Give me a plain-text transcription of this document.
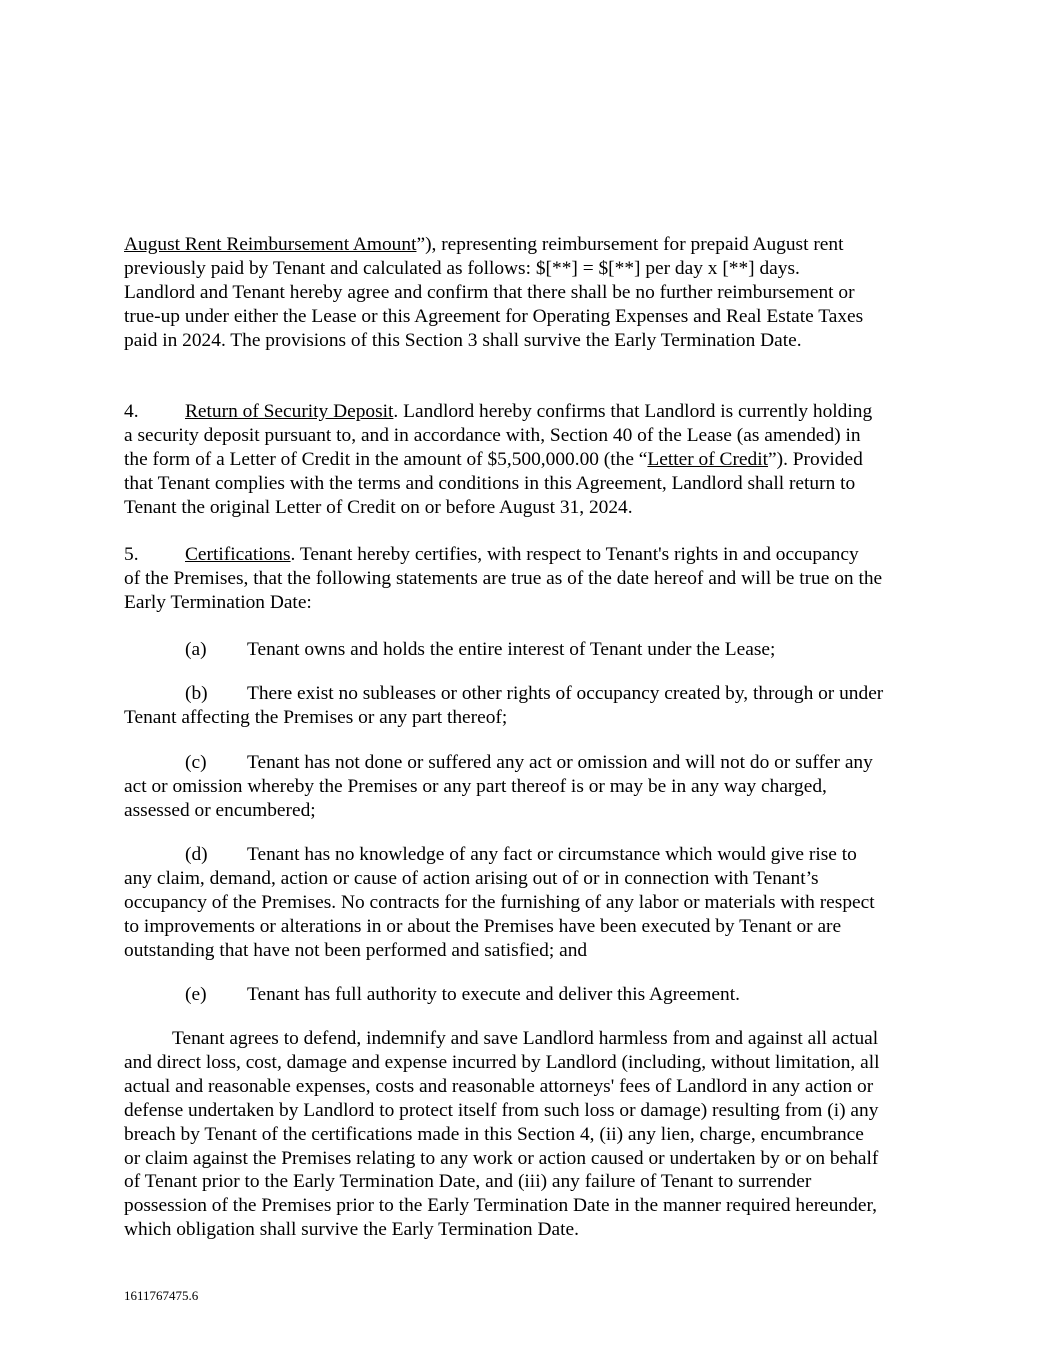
August Rent Reimbursement Amount”), representing reimbursement for prepaid August rent
previously paid by Tenant and calculated as follows: $[**] = $[**] per day x [**] days.
Landlord and Tenant hereby agree and confirm that there shall be no further reimbursement or
true-up under either the Lease or this Agreement for Operating Expenses and Real Estate Taxes
paid in 2024. The provisions of this Section 3 shall survive the Early Termination Date.
4. Return of Security Deposit. Landlord hereby confirms that Landlord is currently holding
a security deposit pursuant to, and in accordance with, Section 40 of the Lease (as amended) in
the form of a Letter of Credit in the amount of $5,500,000.00 (the “Letter of Credit”). Provided
that Tenant complies with the terms and conditions in this Agreement, Landlord shall return to
Tenant the original Letter of Credit on or before August 31, 2024.
5. Certifications. Tenant hereby certifies, with respect to Tenant's rights in and occupancy
of the Premises, that the following statements are true as of the date hereof and will be true on the
Early Termination Date:
(a) Tenant owns and holds the entire interest of Tenant under the Lease;
(b) There exist no subleases or other rights of occupancy created by, through or under
Tenant affecting the Premises or any part thereof;
(c) Tenant has not done or suffered any act or omission and will not do or suffer any
act or omission whereby the Premises or any part thereof is or may be in any way charged,
assessed or encumbered;
(d) Tenant has no knowledge of any fact or circumstance which would give rise to
any claim, demand, action or cause of action arising out of or in connection with Tenant’s
occupancy of the Premises. No contracts for the furnishing of any labor or materials with respect
to improvements or alterations in or about the Premises have been executed by Tenant or are
outstanding that have not been performed and satisfied; and
(e) Tenant has full authority to execute and deliver this Agreement.
Tenant agrees to defend, indemnify and save Landlord harmless from and against all actual
and direct loss, cost, damage and expense incurred by Landlord (including, without limitation, all
actual and reasonable expenses, costs and reasonable attorneys' fees of Landlord in any action or
defense undertaken by Landlord to protect itself from such loss or damage) resulting from (i) any
breach by Tenant of the certifications made in this Section 4, (ii) any lien, charge, encumbrance
or claim against the Premises relating to any work or action caused or undertaken by or on behalf
of Tenant prior to the Early Termination Date, and (iii) any failure of Tenant to surrender
possession of the Premises prior to the Early Termination Date in the manner required hereunder,
which obligation shall survive the Early Termination Date.
1611767475.6
